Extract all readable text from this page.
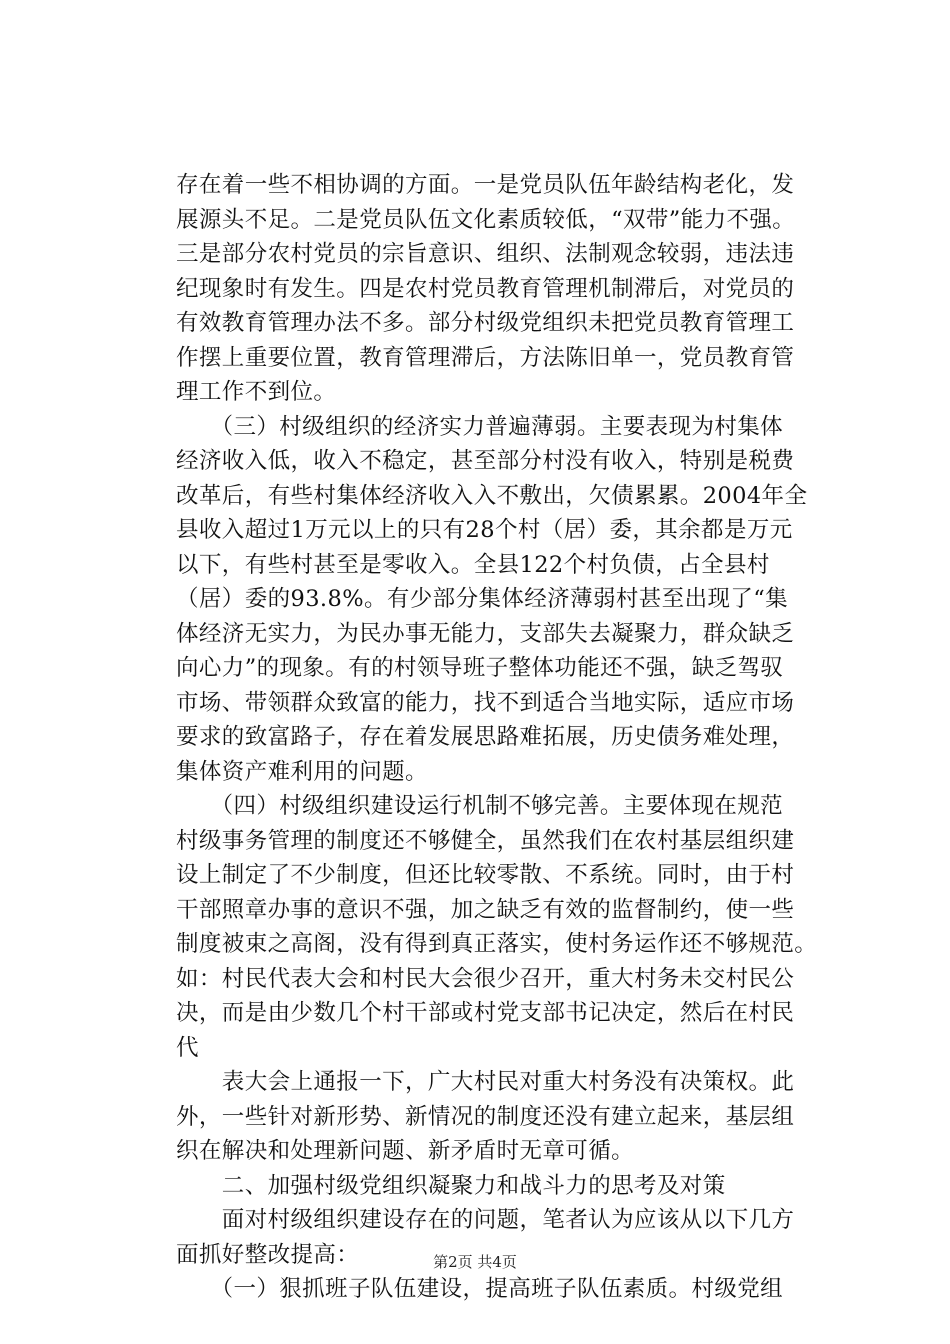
存在着一些不相协调的方面。一是党员队伍年龄结构老化，发
展源头不足。二是党员队伍文化素质较低，“双带”能力不强。
三是部分农村党员的宗旨意识、组织、法制观念较弱，违法违
纪现象时有发生。四是农村党员教育管理机制滞后，对党员的
有效教育管理办法不多。部分村级党组织未把党员教育管理工
作摆上重要位置，教育管理滞后，方法陈旧单一，党员教育管
理工作不到位。
　　（三）村级组织的经济实力普遍薄弱。主要表现为村集体
经济收入低，收入不稳定，甚至部分村没有收入，特别是税费
改革后，有些村集体经济收入入不敷出，欠债累累。2004年全
县收入超过1万元以上的只有28个村（居）委，其余都是万元
以下，有些村甚至是零收入。全县122个村负债，占全县村
（居）委的93.8%。有少部分集体经济薄弱村甚至出现了“集
体经济无实力，为民办事无能力，支部失去凝聚力，群众缺乏
向心力”的现象。有的村领导班子整体功能还不强，缺乏驾驭
市场、带领群众致富的能力，找不到适合当地实际，适应市场
要求的致富路子，存在着发展思路难拓展，历史债务难处理，
集体资产难利用的问题。
　　（四）村级组织建设运行机制不够完善。主要体现在规范
村级事务管理的制度还不够健全，虽然我们在农村基层组织建
设上制定了不少制度，但还比较零散、不系统。同时，由于村
干部照章办事的意识不强，加之缺乏有效的监督制约，使一些
制度被束之高阁，没有得到真正落实，使村务运作还不够规范。
如：村民代表大会和村民大会很少召开，重大村务未交村民公
决，而是由少数几个村干部或村党支部书记决定，然后在村民
代
　　表大会上通报一下，广大村民对重大村务没有决策权。此
外，一些针对新形势、新情况的制度还没有建立起来，基层组
织在解决和处理新问题、新矛盾时无章可循。
　　二、加强村级党组织凝聚力和战斗力的思考及对策
　　面对村级组织建设存在的问题，笔者认为应该从以下几方
面抓好整改提高：
　　（一）狠抓班子队伍建设，提高班子队伍素质。村级党组
第2页 共4页
